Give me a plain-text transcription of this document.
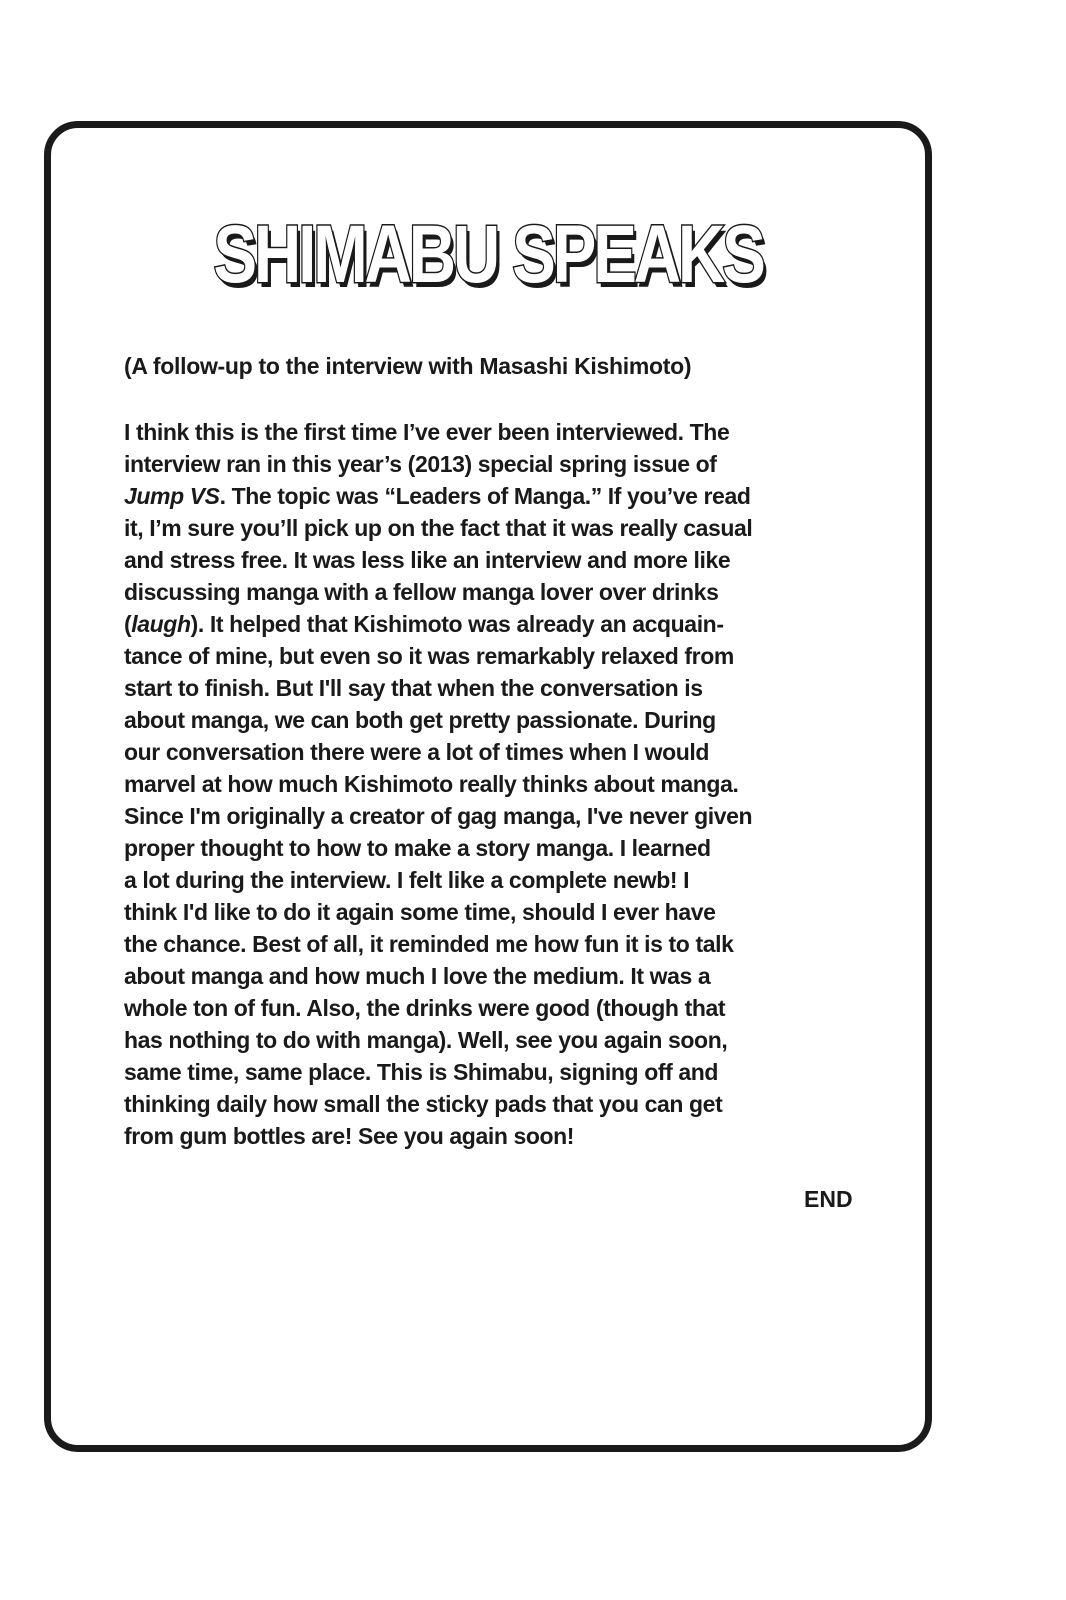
SHIMABU SPEAKS

(A follow-up to the interview with Masashi Kishimoto)

I think this is the first time I’ve ever been interviewed. The
interview ran in this year’s (2013) special spring issue of
Jump VS. The topic was “Leaders of Manga.” If you’ve read
it, I’m sure you’ll pick up on the fact that it was really casual
and stress free. It was less like an interview and more like
discussing manga with a fellow manga lover over drinks
(laugh). It helped that Kishimoto was already an acquain-
tance of mine, but even so it was remarkably relaxed from
start to finish. But I'll say that when the conversation is
about manga, we can both get pretty passionate. During
our conversation there were a lot of times when I would
marvel at how much Kishimoto really thinks about manga.
Since I'm originally a creator of gag manga, I've never given
proper thought to how to make a story manga. I learned
a lot during the interview. I felt like a complete newb! I
think I'd like to do it again some time, should I ever have
the chance. Best of all, it reminded me how fun it is to talk
about manga and how much I love the medium. It was a
whole ton of fun. Also, the drinks were good (though that
has nothing to do with manga). Well, see you again soon,
same time, same place. This is Shimabu, signing off and
thinking daily how small the sticky pads that you can get
from gum bottles are! See you again soon!

END
